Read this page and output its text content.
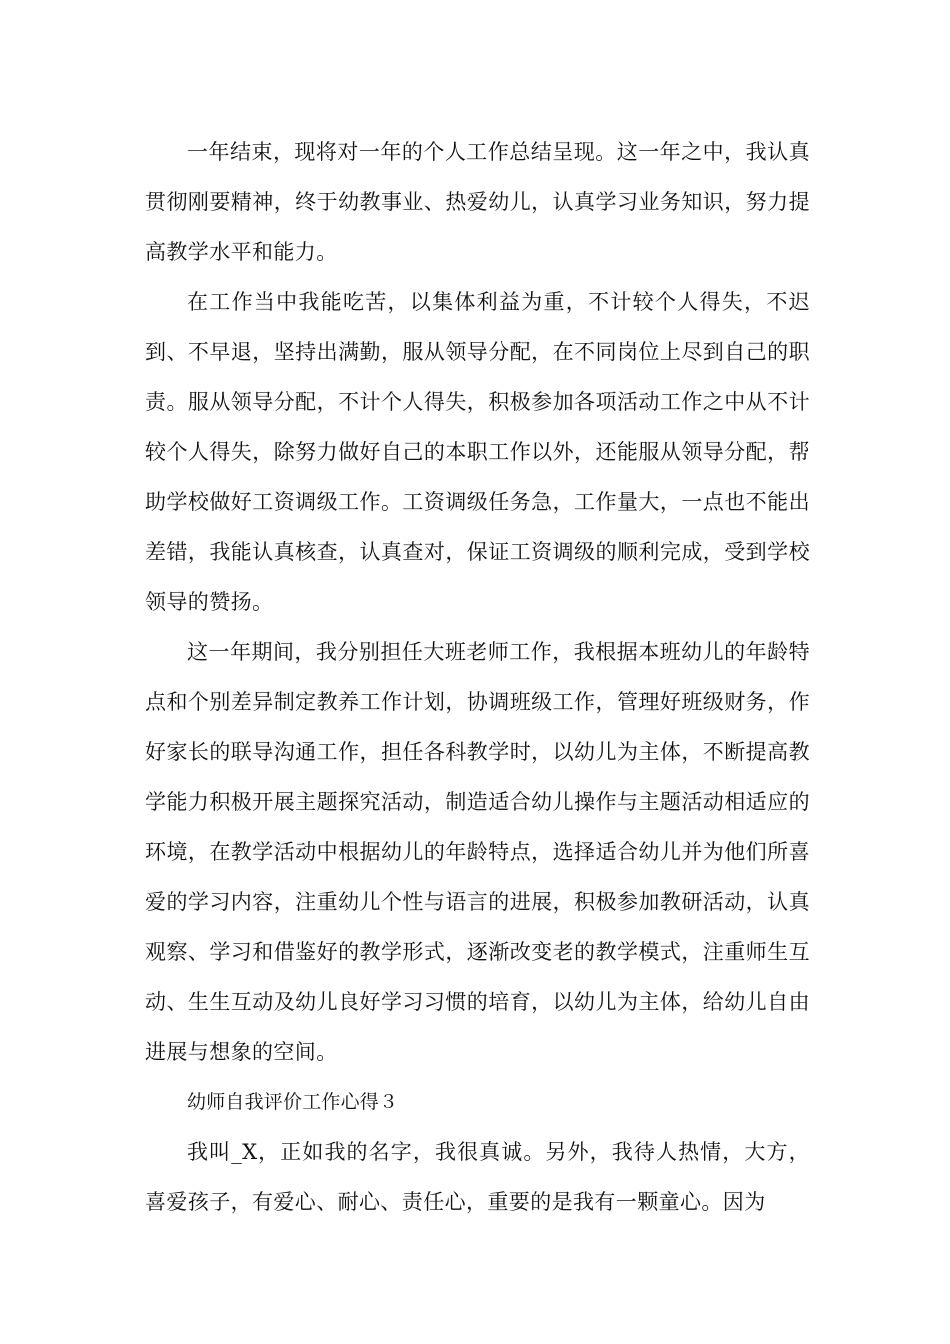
一年结束，现将对一年的个人工作总结呈现。这一年之中，我认真贯彻刚要精神，终于幼教事业、热爱幼儿，认真学习业务知识，努力提高教学水平和能力。

在工作当中我能吃苦，以集体利益为重，不计较个人得失，不迟到、不早退，坚持出满勤，服从领导分配，在不同岗位上尽到自己的职责。服从领导分配，不计个人得失，积极参加各项活动工作之中从不计较个人得失，除努力做好自己的本职工作以外，还能服从领导分配，帮助学校做好工资调级工作。工资调级任务急，工作量大，一点也不能出差错，我能认真核查，认真查对，保证工资调级的顺利完成，受到学校领导的赞扬。

这一年期间，我分别担任大班老师工作，我根据本班幼儿的年龄特点和个别差异制定教养工作计划，协调班级工作，管理好班级财务，作好家长的联导沟通工作，担任各科教学时，以幼儿为主体，不断提高教学能力积极开展主题探究活动，制造适合幼儿操作与主题活动相适应的环境，在教学活动中根据幼儿的年龄特点，选择适合幼儿并为他们所喜爱的学习内容，注重幼儿个性与语言的进展，积极参加教研活动，认真观察、学习和借鉴好的教学形式，逐渐改变老的教学模式，注重师生互动、生生互动及幼儿良好学习习惯的培育，以幼儿为主体，给幼儿自由进展与想象的空间。

幼师自我评价工作心得３

我叫_X，正如我的名字，我很真诚。另外，我待人热情，大方，喜爱孩子，有爱心、耐心、责任心，重要的是我有一颗童心。因为
